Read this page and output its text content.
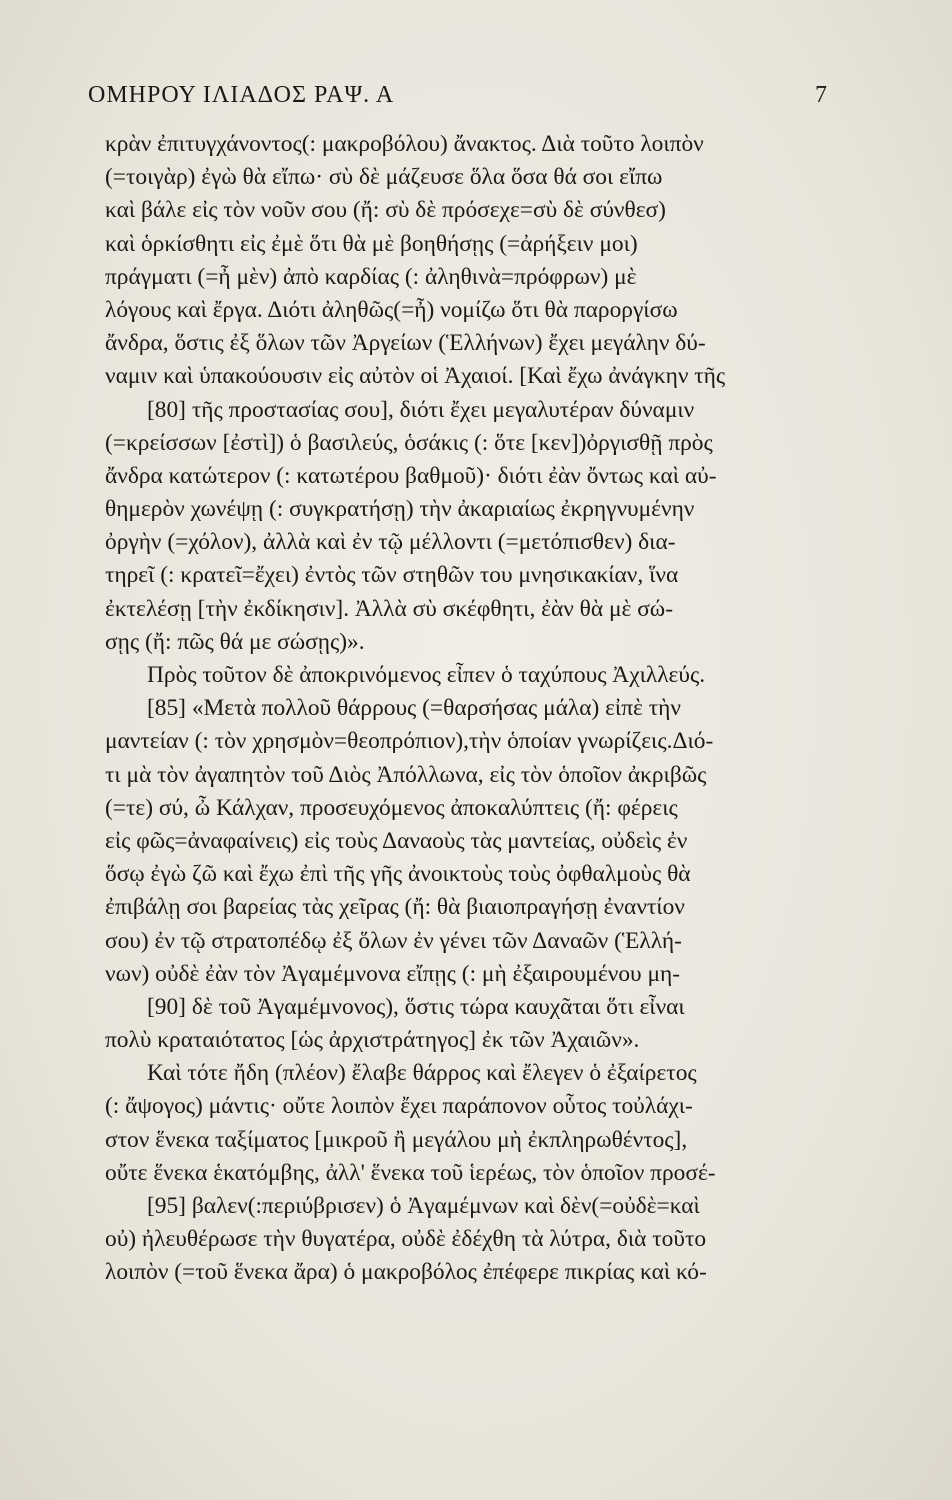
ΟΜΗΡΟΥ ΙΛΙΑΔΟΣ ΡΑΨ. Α	7
κρὰν ἐπιτυγχάνοντος(: μακροβόλου) ἄνακτος. Διὰ τοῦτο λοιπὸν
(=τοιγὰρ) ἐγὼ θὰ εἴπω· σὺ δὲ μάζευσε ὅλα ὅσα θά σοι εἴπω
καὶ βάλε εἰς τὸν νοῦν σου (ἤ: σὺ δὲ πρόσεχε=σὺ δὲ σύνθεσ)
καὶ ὁρκίσθητι εἰς ἐμὲ ὅτι θὰ μὲ βοηθήσῃς (=ἀρήξειν μοι)
πράγματι (=ἦ μὲν) ἀπὸ καρδίας (: ἀληθινὰ=πρόφρων) μὲ
λόγους καὶ ἔργα. Διότι ἀληθῶς(=ἦ) νομίζω ὅτι θὰ παροργίσω
ἄνδρα, ὅστις ἐξ ὅλων τῶν Ἀργείων (Ἑλλήνων) ἔχει μεγάλην δύ-
ναμιν καὶ ὑπακούουσιν εἰς αὐτὸν οἱ Ἀχαιοί. [Καὶ ἔχω ἀνάγκην τῆς
[80] τῆς προστασίας σου], διότι ἔχει μεγαλυτέραν δύναμιν
(=κρείσσων [ἐστὶ]) ὁ βασιλεύς, ὁσάκις (: ὅτε [κεν])ὀργισθῇ πρὸς
ἄνδρα κατώτερον (: κατωτέρου βαθμοῦ)· διότι ἐὰν ὄντως καὶ αὐ-
θημερὸν χωνέψῃ (: συγκρατήσῃ) τὴν ἀκαριαίως ἐκρηγνυμένην
ὀργὴν (=χόλον), ἀλλὰ καὶ ἐν τῷ μέλλοντι (=μετόπισθεν) δια-
τηρεῖ (: κρατεῖ=ἔχει) ἐντὸς τῶν στηθῶν του μνησικακίαν, ἵνα
ἐκτελέσῃ [τὴν ἐκδίκησιν]. Ἀλλὰ σὺ σκέφθητι, ἐὰν θὰ μὲ σώ-
σῃς (ἤ: πῶς θά με σώσῃς)».
Πρὸς τοῦτον δὲ ἀποκρινόμενος εἶπεν ὁ ταχύπους Ἀχιλλεύς.
[85] «Μετὰ πολλοῦ θάρρους (=θαρσήσας μάλα) εἰπὲ τὴν
μαντείαν (: τὸν χρησμὸν=θεοπρόπιον),τὴν ὁποίαν γνωρίζεις.Διό-
τι μὰ τὸν ἀγαπητὸν τοῦ Διὸς Ἀπόλλωνα, εἰς τὸν ὁποῖον ἀκριβῶς
(=τε) σύ, ὦ Κάλχαν, προσευχόμενος ἀποκαλύπτεις (ἤ: φέρεις
εἰς φῶς=ἀναφαίνεις) εἰς τοὺς Δαναοὺς τὰς μαντείας, οὐδεὶς ἐν
ὅσῳ ἐγὼ ζῶ καὶ ἔχω ἐπὶ τῆς γῆς ἀνοικτοὺς τοὺς ὀφθαλμοὺς θὰ
ἐπιβάλῃ σοι βαρείας τὰς χεῖρας (ἤ: θὰ βιαιοπραγήσῃ ἐναντίον
σου) ἐν τῷ στρατοπέδῳ ἐξ ὅλων ἐν γένει τῶν Δαναῶν (Ἑλλή-
νων) οὐδὲ ἐὰν τὸν Ἀγαμέμνονα εἴπῃς (: μὴ ἐξαιρουμένου μη-
[90] δὲ τοῦ Ἀγαμέμνονος), ὅστις τώρα καυχᾶται ὅτι εἶναι
πολὺ κραταιότατος [ὡς ἀρχιστράτηγος] ἐκ τῶν Ἀχαιῶν».
Καὶ τότε ἤδη (πλέον) ἔλαβε θάρρος καὶ ἔλεγεν ὁ ἐξαίρετος
(: ἄψογος) μάντις· οὔτε λοιπὸν ἔχει παράπονον οὗτος τοὐλάχι-
στον ἕνεκα ταξίματος [μικροῦ ἢ μεγάλου μὴ ἐκπληρωθέντος],
οὔτε ἕνεκα ἑκατόμβης, ἀλλ' ἕνεκα τοῦ ἱερέως, τὸν ὁποῖον προσέ-
[95] βαλεν(:περιύβρισεν) ὁ Ἀγαμέμνων καὶ δὲν(=οὐδὲ=καὶ
οὐ) ἠλευθέρωσε τὴν θυγατέρα, οὐδὲ ἐδέχθη τὰ λύτρα, διὰ τοῦτο
λοιπὸν (=τοῦ ἕνεκα ἄρα) ὁ μακροβόλος ἐπέφερε πικρίας καὶ κό-
